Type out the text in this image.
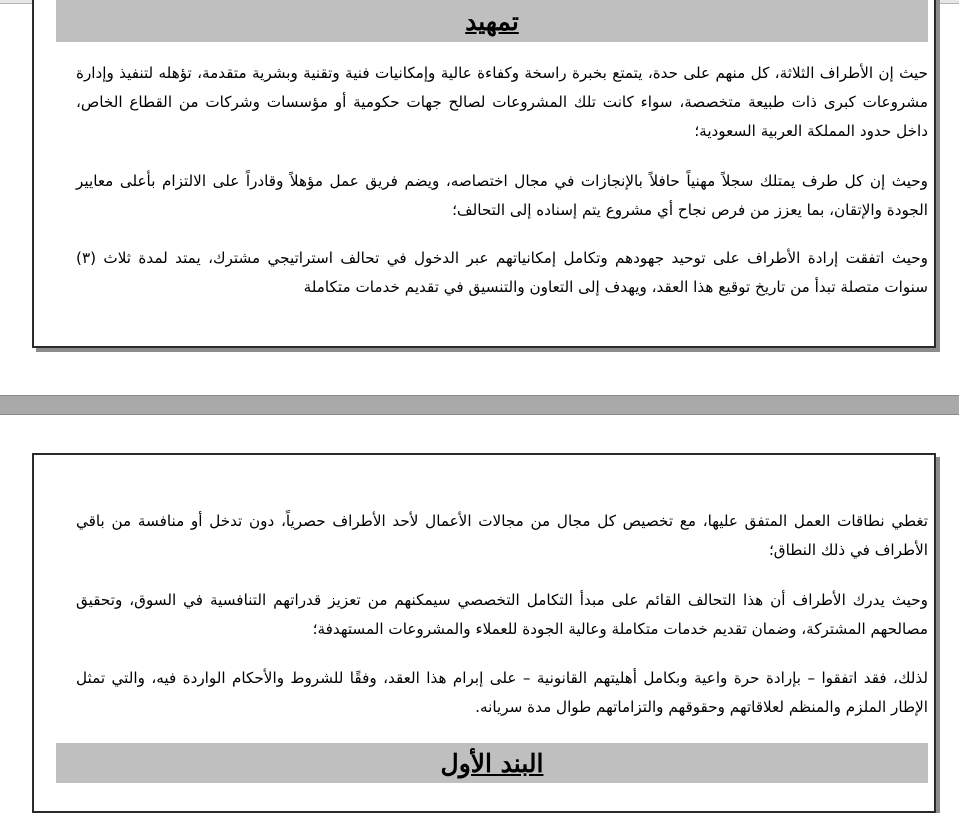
تمهيد

حيث إن الأطراف الثلاثة، كل منهم على حدة، يتمتع بخبرة راسخة وكفاءة عالية وإمكانيات فنية وتقنية وبشرية متقدمة، تؤهله لتنفيذ وإدارة مشروعات كبرى ذات طبيعة متخصصة، سواء كانت تلك المشروعات لصالح جهات حكومية أو مؤسسات وشركات من القطاع الخاص، داخل حدود المملكة العربية السعودية؛

وحيث إن كل طرف يمتلك سجلاً مهنياً حافلاً بالإنجازات في مجال اختصاصه، ويضم فريق عمل مؤهلاً وقادراً على الالتزام بأعلى معايير الجودة والإتقان، بما يعزز من فرص نجاح أي مشروع يتم إسناده إلى التحالف؛

وحيث اتفقت إرادة الأطراف على توحيد جهودهم وتكامل إمكانياتهم عبر الدخول في تحالف استراتيجي مشترك، يمتد لمدة ثلاث (٣) سنوات متصلة تبدأ من تاريخ توقيع هذا العقد، ويهدف إلى التعاون والتنسيق في تقديم خدمات متكاملة

تغطي نطاقات العمل المتفق عليها، مع تخصيص كل مجال من مجالات الأعمال لأحد الأطراف حصرياً، دون تدخل أو منافسة من باقي الأطراف في ذلك النطاق؛

وحيث يدرك الأطراف أن هذا التحالف القائم على مبدأ التكامل التخصصي سيمكنهم من تعزيز قدراتهم التنافسية في السوق، وتحقيق مصالحهم المشتركة، وضمان تقديم خدمات متكاملة وعالية الجودة للعملاء والمشروعات المستهدفة؛

لذلك، فقد اتفقوا – بإرادة حرة واعية وبكامل أهليتهم القانونية – على إبرام هذا العقد، وفقًا للشروط والأحكام الواردة فيه، والتي تمثل الإطار الملزم والمنظم لعلاقاتهم وحقوقهم والتزاماتهم طوال مدة سريانه.

البند الأول
